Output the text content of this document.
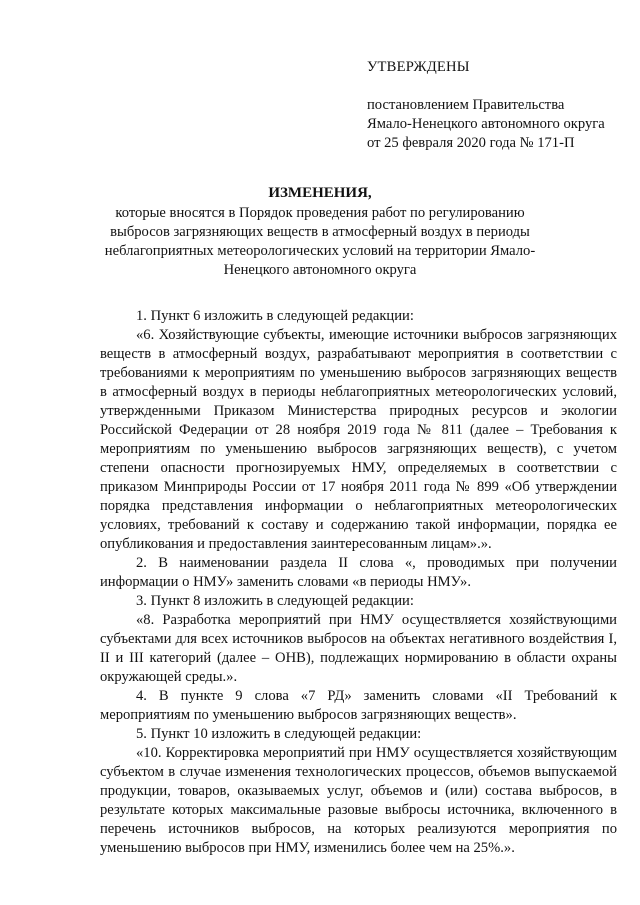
УТВЕРЖДЕНЫ
постановлением Правительства
Ямало-Ненецкого автономного округа
от 25 февраля 2020 года № 171-П
ИЗМЕНЕНИЯ,
которые вносятся в Порядок проведения работ по регулированию выбросов загрязняющих веществ в атмосферный воздух в периоды неблагоприятных метеорологических условий на территории Ямало-Ненецкого автономного округа

1. Пункт 6 изложить в следующей редакции:

«6. Хозяйствующие субъекты, имеющие источники выбросов загрязняющих веществ в атмосферный воздух, разрабатывают мероприятия в соответствии с требованиями к мероприятиям по уменьшению выбросов загрязняющих веществ в атмосферный воздух в периоды неблагоприятных метеорологических условий, утвержденными Приказом Министерства природных ресурсов и экологии Российской Федерации от 28 ноября 2019 года № 811 (далее – Требования к мероприятиям по уменьшению выбросов загрязняющих веществ), с учетом степени опасности прогнозируемых НМУ, определяемых в соответствии с приказом Минприроды России от 17 ноября 2011 года № 899 «Об утверждении порядка представления информации о неблагоприятных метеорологических условиях, требований к составу и содержанию такой информации, порядка ее опубликования и предоставления заинтересованным лицам».».

2. В наименовании раздела II слова «, проводимых при получении информации о НМУ» заменить словами «в периоды НМУ».

3. Пункт 8 изложить в следующей редакции:

«8. Разработка мероприятий при НМУ осуществляется хозяйствующими субъектами для всех источников выбросов на объектах негативного воздействия I, II и III категорий (далее – ОНВ), подлежащих нормированию в области охраны окружающей среды.».

4. В пункте 9 слова «7 РД» заменить словами «II Требований к мероприятиям по уменьшению выбросов загрязняющих веществ».

5. Пункт 10 изложить в следующей редакции:

«10. Корректировка мероприятий при НМУ осуществляется хозяйствующим субъектом в случае изменения технологических процессов, объемов выпускаемой продукции, товаров, оказываемых услуг, объемов и (или) состава выбросов, в результате которых максимальные разовые выбросы источника, включенного в перечень источников выбросов, на которых реализуются мероприятия по уменьшению выбросов при НМУ, изменились более чем на 25%.».
